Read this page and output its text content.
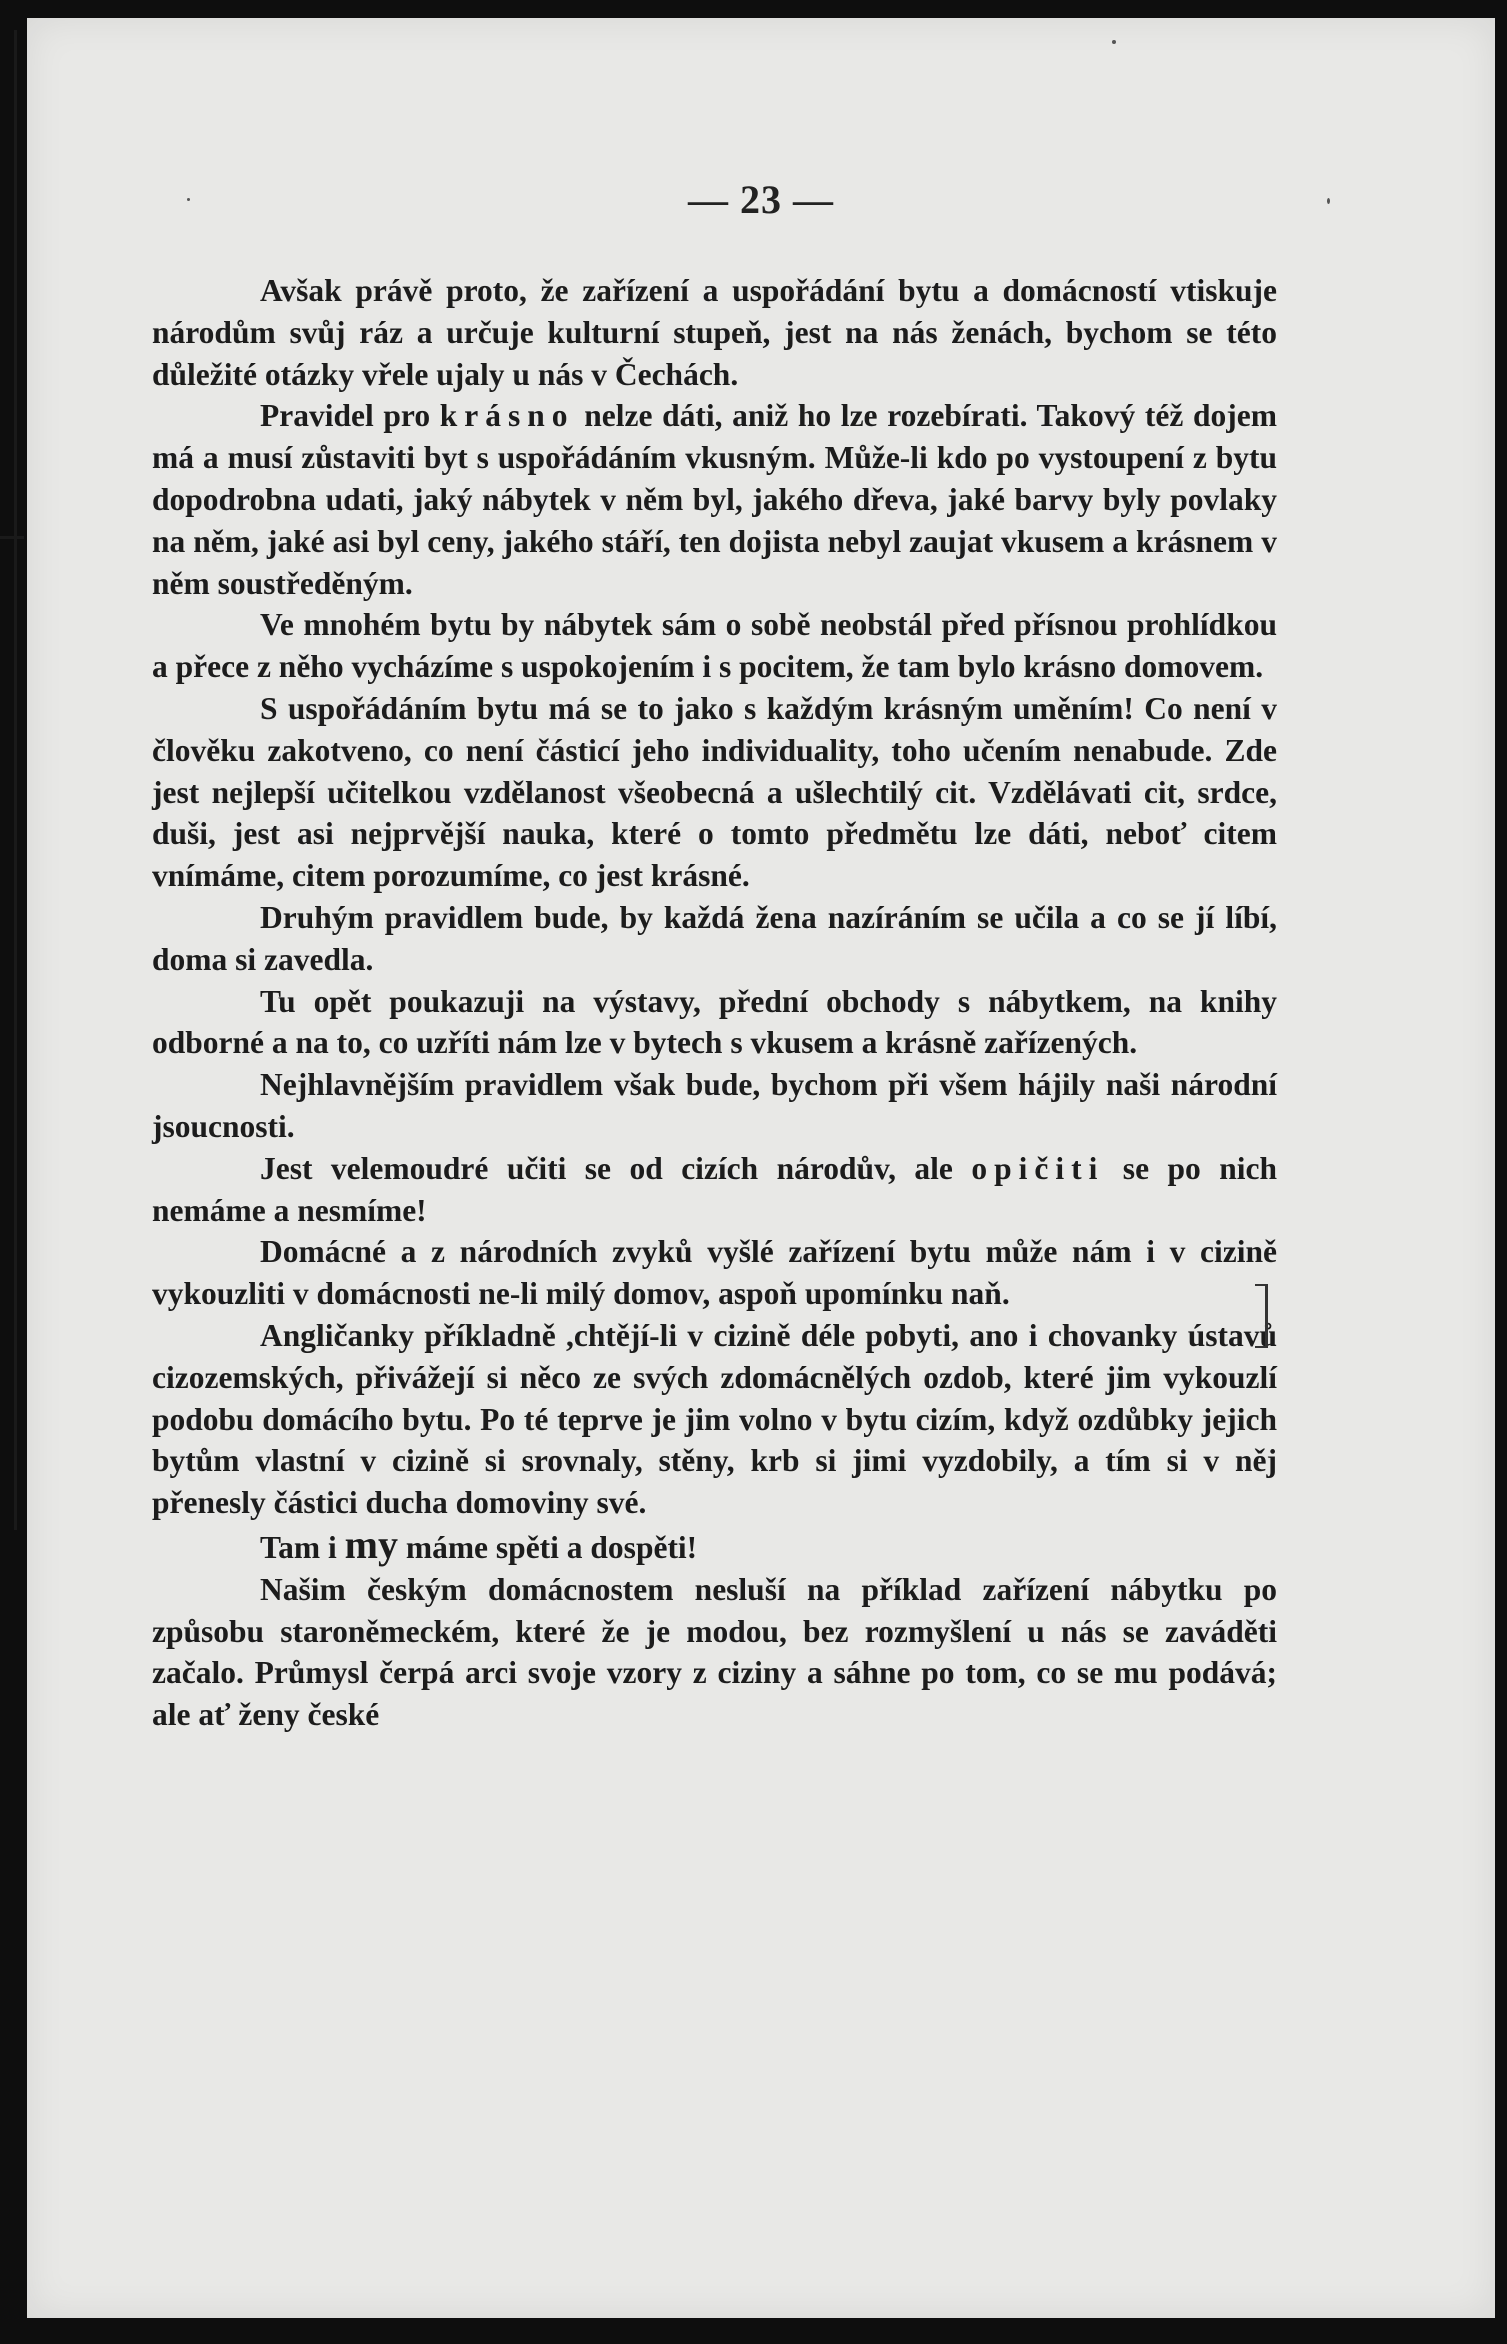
— 23 —

Avšak právě proto, že zařízení a uspořádání bytu a domácností vtiskuje národům svůj ráz a určuje kulturní stupeň, jest na nás ženách, bychom se této důležité otázky vřele ujaly u nás v Čechách.

Pravidel pro krásno nelze dáti, aniž ho lze rozebírati. Takový též dojem má a musí zůstaviti byt s uspořádáním vkusným. Může-li kdo po vystoupení z bytu dopodrobna udati, jaký nábytek v něm byl, jakého dřeva, jaké barvy byly povlaky na něm, jaké asi byl ceny, jakého stáří, ten dojista nebyl zaujat vkusem a krásnem v něm soustředěným.

Ve mnohém bytu by nábytek sám o sobě neobstál před přísnou prohlídkou a přece z něho vycházíme s uspokojením i s pocitem, že tam bylo krásno domovem.

S uspořádáním bytu má se to jako s každým krásným uměním! Co není v člověku zakotveno, co není částicí jeho individuality, toho učením nenabude. Zde jest nejlepší učitelkou vzdělanost všeobecná a ušlechtilý cit. Vzdělávati cit, srdce, duši, jest asi nejprvější nauka, které o tomto předmětu lze dáti, neboť citem vnímáme, citem porozumíme, co jest krásné.

Druhým pravidlem bude, by každá žena nazíráním se učila a co se jí líbí, doma si zavedla.

Tu opět poukazuji na výstavy, přední obchody s nábytkem, na knihy odborné a na to, co uzříti nám lze v bytech s vkusem a krásně zařízených.

Nejhlavnějším pravidlem však bude, bychom při všem hájily naši národní jsoucnosti.

Jest velemoudré učiti se od cizích národův, ale opičiti se po nich nemáme a nesmíme!

Domácné a z národních zvyků vyšlé zařízení bytu může nám i v cizině vykouzliti v domácnosti ne-li milý domov, aspoň upomínku naň.

Angličanky příkladně ,chtějí-li v cizině déle pobyti, ano i chovanky ústavů cizozemských, přivážejí si něco ze svých zdomácnělých ozdob, které jim vykouzlí podobu domácího bytu. Po té teprve je jim volno v bytu cizím, když ozdůbky jejich bytům vlastní v cizině si srovnaly, stěny, krb si jimi vyzdobily, a tím si v něj přenesly částici ducha domoviny své.

Tam i my máme spěti a dospěti!

Našim českým domácnostem nesluší na příklad zařízení nábytku po způsobu staroněmeckém, které že je modou, bez rozmyšlení u nás se zaváděti začalo. Průmysl čerpá arci svoje vzory z ciziny a sáhne po tom, co se mu podává; ale ať ženy české
